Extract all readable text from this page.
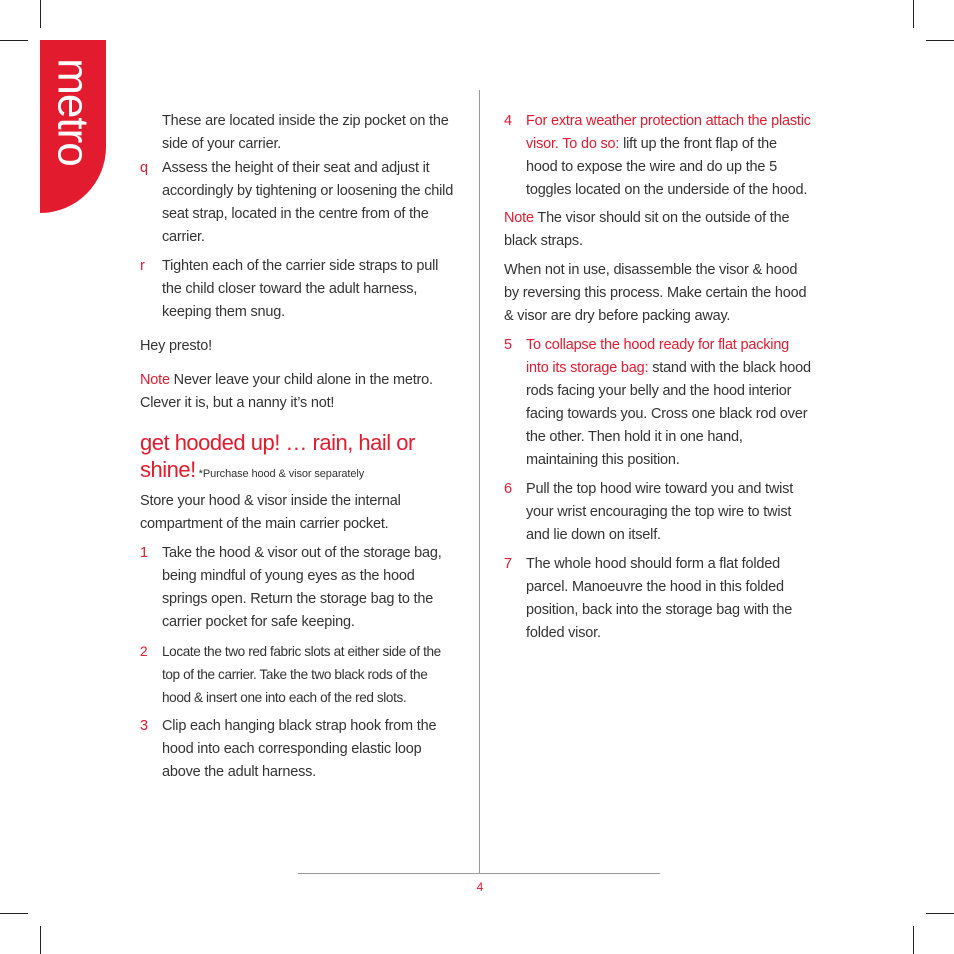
metro	These are located inside the zip pocket on the side of your carrier.

q Assess the height of their seat and adjust it accordingly by tightening or loosening the child seat strap, located in the centre from of the carrier.
r Tighten each of the carrier side straps to pull the child closer toward the adult harness, keeping them snug.

Hey presto!

Note Never leave your child alone in the metro. Clever it is, but a nanny it’s not!

get hooded up! … rain, hail or shine! *Purchase hood & visor separately

Store your hood & visor inside the internal compartment of the main carrier pocket.

1 Take the hood & visor out of the storage bag, being mindful of young eyes as the hood springs open. Return the storage bag to the carrier pocket for safe keeping.
2 Locate the two red fabric slots at either side of the top of the carrier. Take the two black rods of the hood & insert one into each of the red slots.
3 Clip each hanging black strap hook from the hood into each corresponding elastic loop above the adult harness.
4 For extra weather protection attach the plastic visor. To do so: lift up the front flap of the hood to expose the wire and do up the 5 toggles located on the underside of the hood.

Note The visor should sit on the outside of the black straps.

When not in use, disassemble the visor & hood by reversing this process. Make certain the hood & visor are dry before packing away.

5 To collapse the hood ready for flat packing into its storage bag: stand with the black hood rods facing your belly and the hood interior facing towards you. Cross one black rod over the other. Then hold it in one hand, maintaining this position.
6 Pull the top hood wire toward you and twist your wrist encouraging the top wire to twist and lie down on itself.
7 The whole hood should form a flat folded parcel. Manoeuvre the hood in this folded position, back into the storage bag with the folded visor.
4
